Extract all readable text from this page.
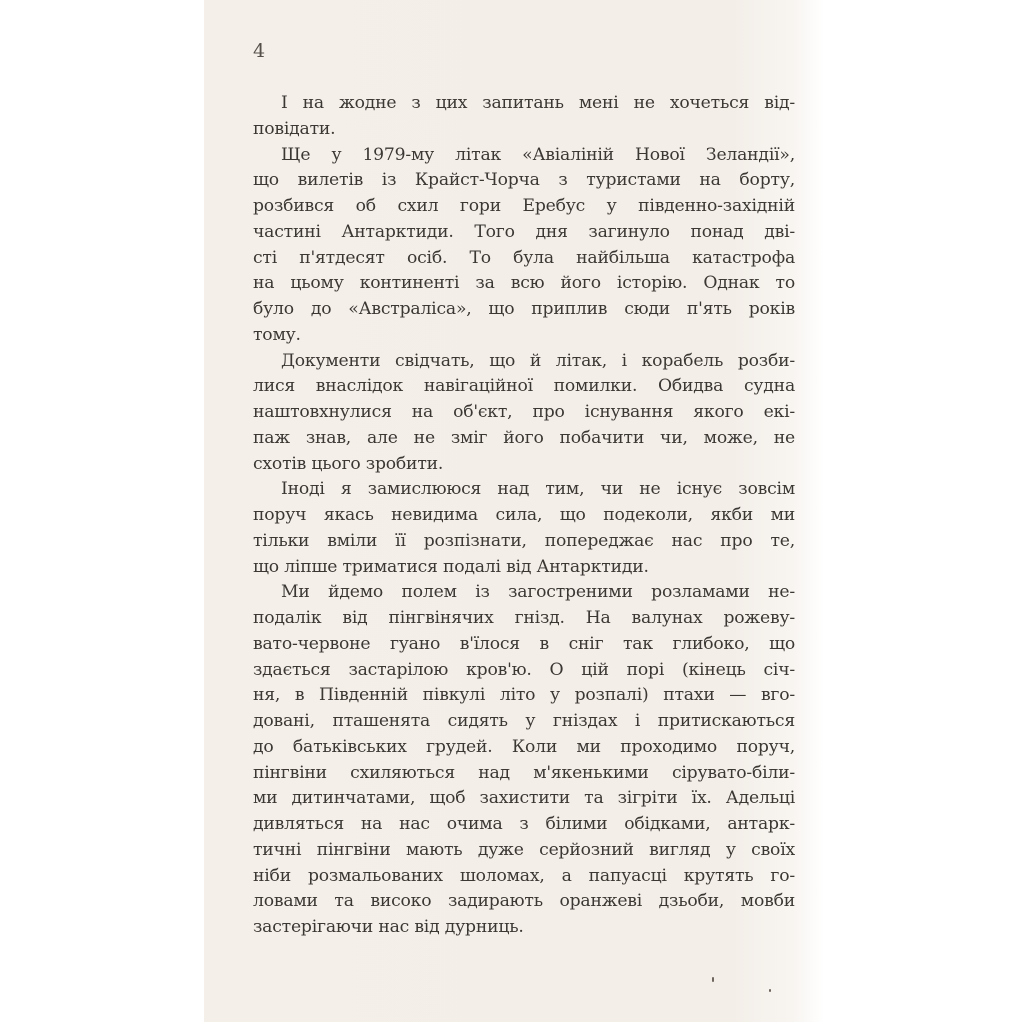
4
І на жодне з цих запитань мені не хочеться від-
повідати.
Ще у 1979-му літак «Авіаліній Нової Зеландії»,
що вилетів із Крайст-Чорча з туристами на борту,
розбився об схил гори Еребус у південно-західній
частині Антарктиди. Того дня загинуло понад дві-
сті п'ятдесят осіб. То була найбільша катастрофа
на цьому континенті за всю його історію. Однак то
було до «Австраліса», що приплив сюди п'ять років
тому.
Документи свідчать, що й літак, і корабель розби-
лися внаслідок навігаційної помилки. Обидва судна
наштовхнулися на об'єкт, про існування якого екі-
паж знав, але не зміг його побачити чи, може, не
схотів цього зробити.
Іноді я замислююся над тим, чи не існує зовсім
поруч якась невидима сила, що подеколи, якби ми
тільки вміли її розпізнати, попереджає нас про те,
що ліпше триматися подалі від Антарктиди.
Ми йдемо полем із загостреними розламами не-
подалік від пінгвінячих гнізд. На валунах рожеву-
вато-червоне гуано в'їлося в сніг так глибоко, що
здається застарілою кров'ю. О цій порі (кінець січ-
ня, в Південній півкулі літо у розпалі) птахи — вго-
довані, пташенята сидять у гніздах і притискаються
до батьківських грудей. Коли ми проходимо поруч,
пінгвіни схиляються над м'якенькими сірувато-біли-
ми дитинчатами, щоб захистити та зігріти їх. Адельці
дивляться на нас очима з білими обідками, антарк-
тичні пінгвіни мають дуже серйозний вигляд у своїх
ніби розмальованих шоломах, а папуасці крутять го-
ловами та високо задирають оранжеві дзьоби, мовби
застерігаючи нас від дурниць.
